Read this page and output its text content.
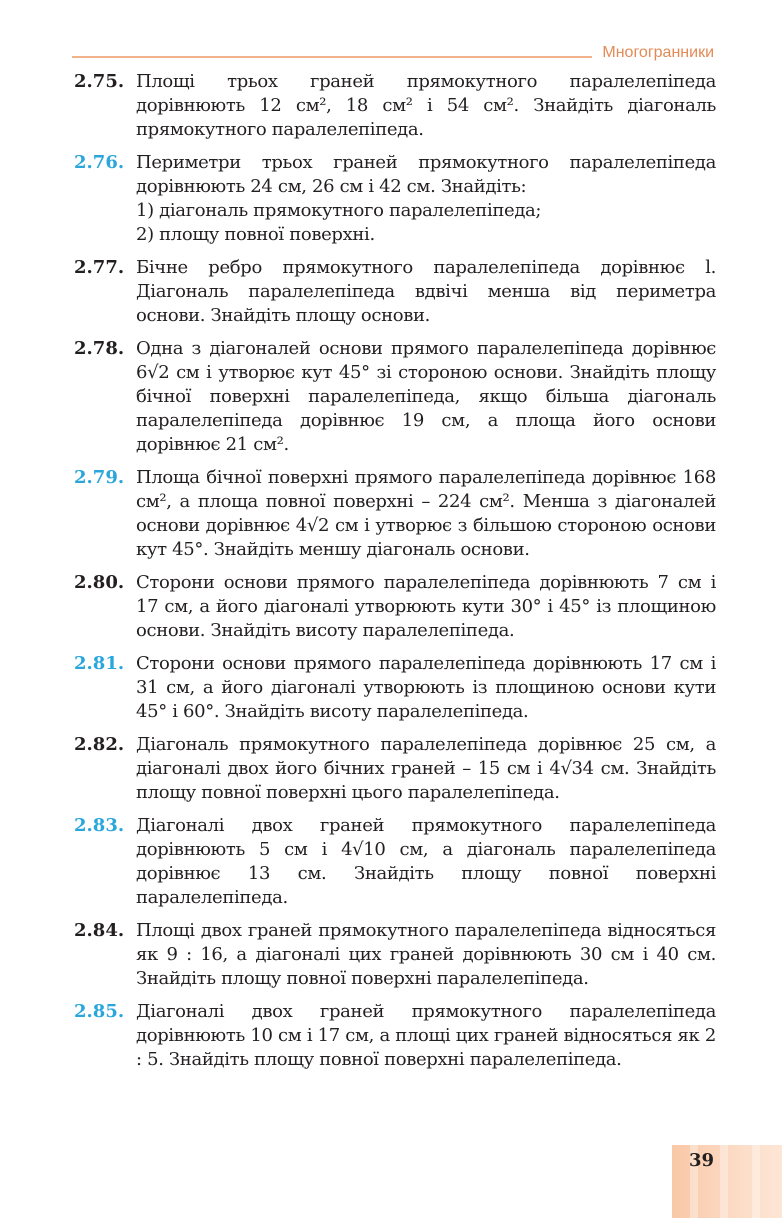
Многогранники
2.75. Площі трьох граней прямокутного паралелепіпеда дорівнюють 12 см², 18 см² і 54 см². Знайдіть діагональ прямокутного паралелепіпеда.
2.76. Периметри трьох граней прямокутного паралелепіпеда дорівнюють 24 см, 26 см і 42 см. Знайдіть:

1) діагональ прямокутного паралелепіпеда;

2) площу повної поверхні.

2.77. Бічне ребро прямокутного паралелепіпеда дорівнює l. Діагональ паралелепіпеда вдвічі менша від периметра основи. Знайдіть площу основи.
2.78. Одна з діагоналей основи прямого паралелепіпеда дорівнює 6√2 см і утворює кут 45° зі стороною основи. Знайдіть площу бічної поверхні паралелепіпеда, якщо більша діагональ паралелепіпеда дорівнює 19 см, а площа його основи дорівнює 21 см².
2.79. Площа бічної поверхні прямого паралелепіпеда дорівнює 168 см², а площа повної поверхні – 224 см². Менша з діагоналей основи дорівнює 4√2 см і утворює з більшою стороною основи кут 45°. Знайдіть меншу діагональ основи.
2.80. Сторони основи прямого паралелепіпеда дорівнюють 7 см і 17 см, а його діагоналі утворюють кути 30° і 45° із площиною основи. Знайдіть висоту паралелепіпеда.
2.81. Сторони основи прямого паралелепіпеда дорівнюють 17 см і 31 см, а його діагоналі утворюють із площиною основи кути 45° і 60°. Знайдіть висоту паралелепіпеда.
2.82. Діагональ прямокутного паралелепіпеда дорівнює 25 см, а діагоналі двох його бічних граней – 15 см і 4√34 см. Знайдіть площу повної поверхні цього паралелепіпеда.
2.83. Діагоналі двох граней прямокутного паралелепіпеда дорівнюють 5 см і 4√10 см, а діагональ паралелепіпеда дорівнює 13 см. Знайдіть площу повної поверхні паралелепіпеда.
2.84. Площі двох граней прямокутного паралелепіпеда відносяться як 9 : 16, а діагоналі цих граней дорівнюють 30 см і 40 см. Знайдіть площу повної поверхні паралелепіпеда.
2.85. Діагоналі двох граней прямокутного паралелепіпеда дорівнюють 10 см і 17 см, а площі цих граней відносяться як 2 : 5. Знайдіть площу повної поверхні паралелепіпеда.
39
